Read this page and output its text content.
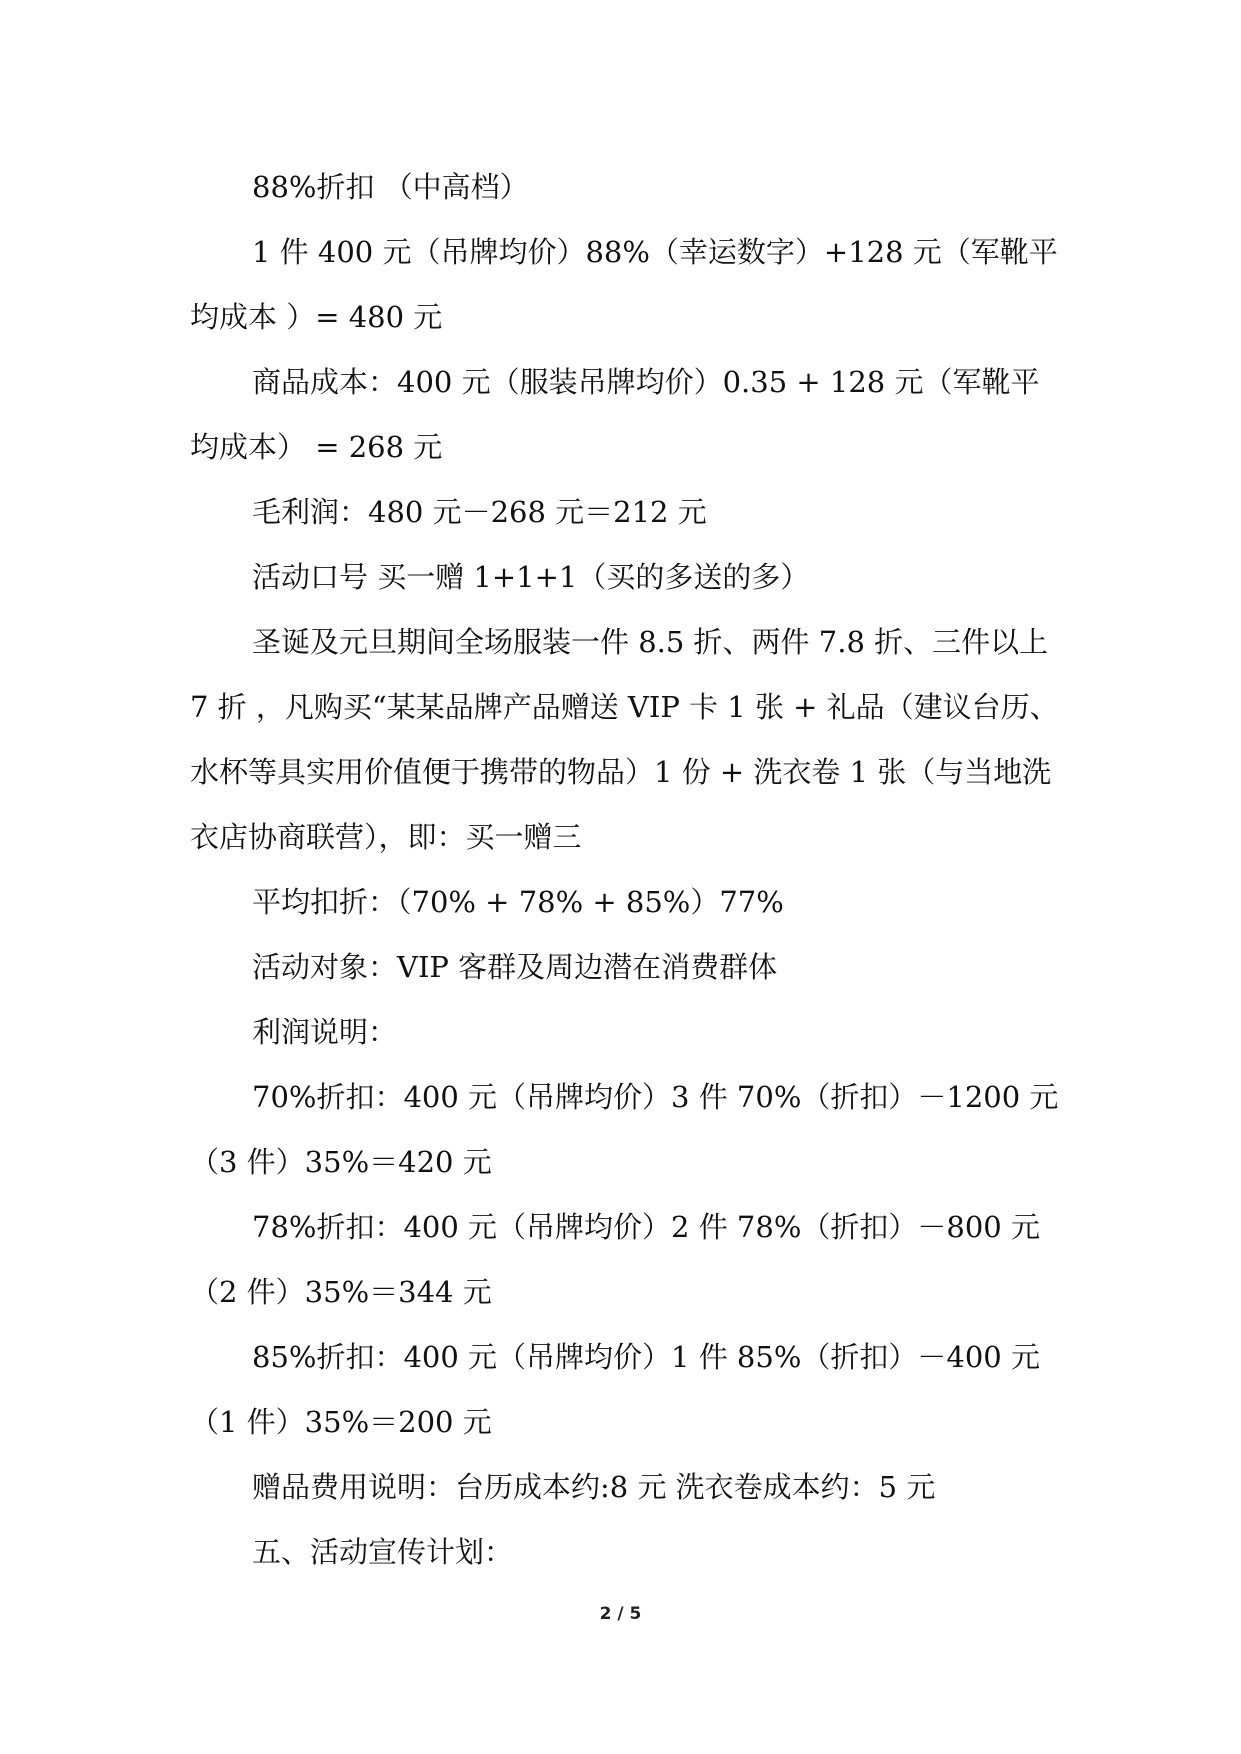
88%折扣 （中高档）

1 件 400 元（吊牌均价）88%（幸运数字）+128 元（军靴平均成本 ）= 480 元

商品成本：400 元（服装吊牌均价）0.35 + 128 元（军靴平均成本） = 268 元

毛利润：480 元－268 元＝212 元

活动口号 买一赠 1+1+1（买的多送的多）

圣诞及元旦期间全场服装一件 8.5 折、两件 7.8 折、三件以上 7 折 ，凡购买“某某品牌产品赠送 VIP 卡 1 张 + 礼品（建议台历、水杯等具实用价值便于携带的物品）1 份 + 洗衣卷 1 张（与当地洗衣店协商联营），即：买一赠三

平均扣折：（70% + 78% + 85%）77%

活动对象：VIP 客群及周边潜在消费群体

利润说明：

70%折扣：400 元（吊牌均价）3 件 70%（折扣）－1200 元（3 件）35%＝420 元

78%折扣：400 元（吊牌均价）2 件 78%（折扣）－800 元（2 件）35%＝344 元

85%折扣：400 元（吊牌均价）1 件 85%（折扣）－400 元（1 件）35%＝200 元

赠品费用说明：台历成本约:8 元 洗衣卷成本约：5 元

五、活动宣传计划：

2 / 5
